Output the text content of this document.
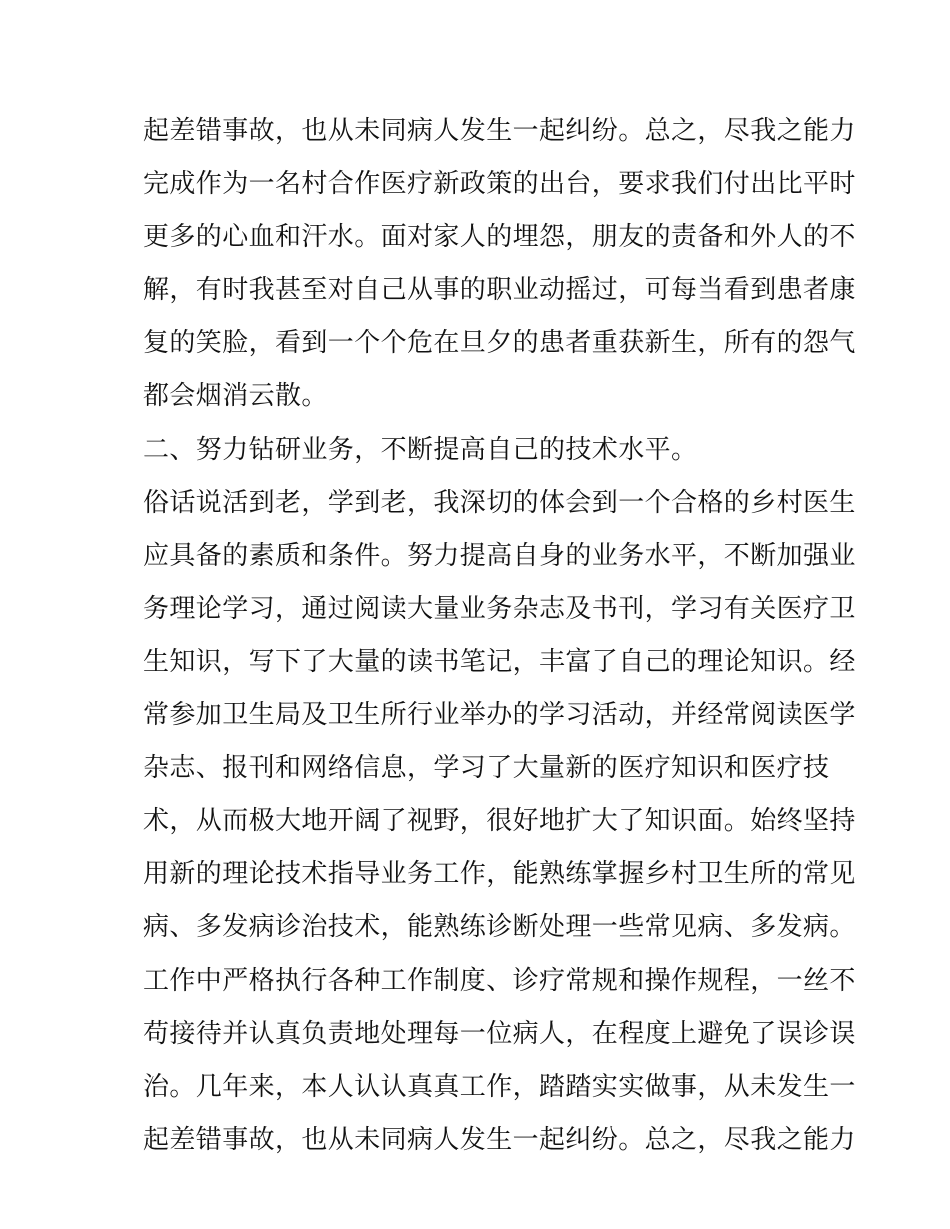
起差错事故，也从未同病人发生一起纠纷。总之，尽我之能力
完成作为一名村合作医疗新政策的出台，要求我们付出比平时
更多的心血和汗水。面对家人的埋怨，朋友的责备和外人的不
解，有时我甚至对自己从事的职业动摇过，可每当看到患者康
复的笑脸，看到一个个危在旦夕的患者重获新生，所有的怨气
都会烟消云散。
二、努力钻研业务，不断提高自己的技术水平。
俗话说活到老，学到老，我深切的体会到一个合格的乡村医生
应具备的素质和条件。努力提高自身的业务水平，不断加强业
务理论学习，通过阅读大量业务杂志及书刊，学习有关医疗卫
生知识，写下了大量的读书笔记，丰富了自己的理论知识。经
常参加卫生局及卫生所行业举办的学习活动，并经常阅读医学
杂志、报刊和网络信息，学习了大量新的医疗知识和医疗技
术，从而极大地开阔了视野，很好地扩大了知识面。始终坚持
用新的理论技术指导业务工作，能熟练掌握乡村卫生所的常见
病、多发病诊治技术，能熟练诊断处理一些常见病、多发病。
工作中严格执行各种工作制度、诊疗常规和操作规程，一丝不
苟接待并认真负责地处理每一位病人，在程度上避免了误诊误
治。几年来，本人认认真真工作，踏踏实实做事，从未发生一
起差错事故，也从未同病人发生一起纠纷。总之，尽我之能力
